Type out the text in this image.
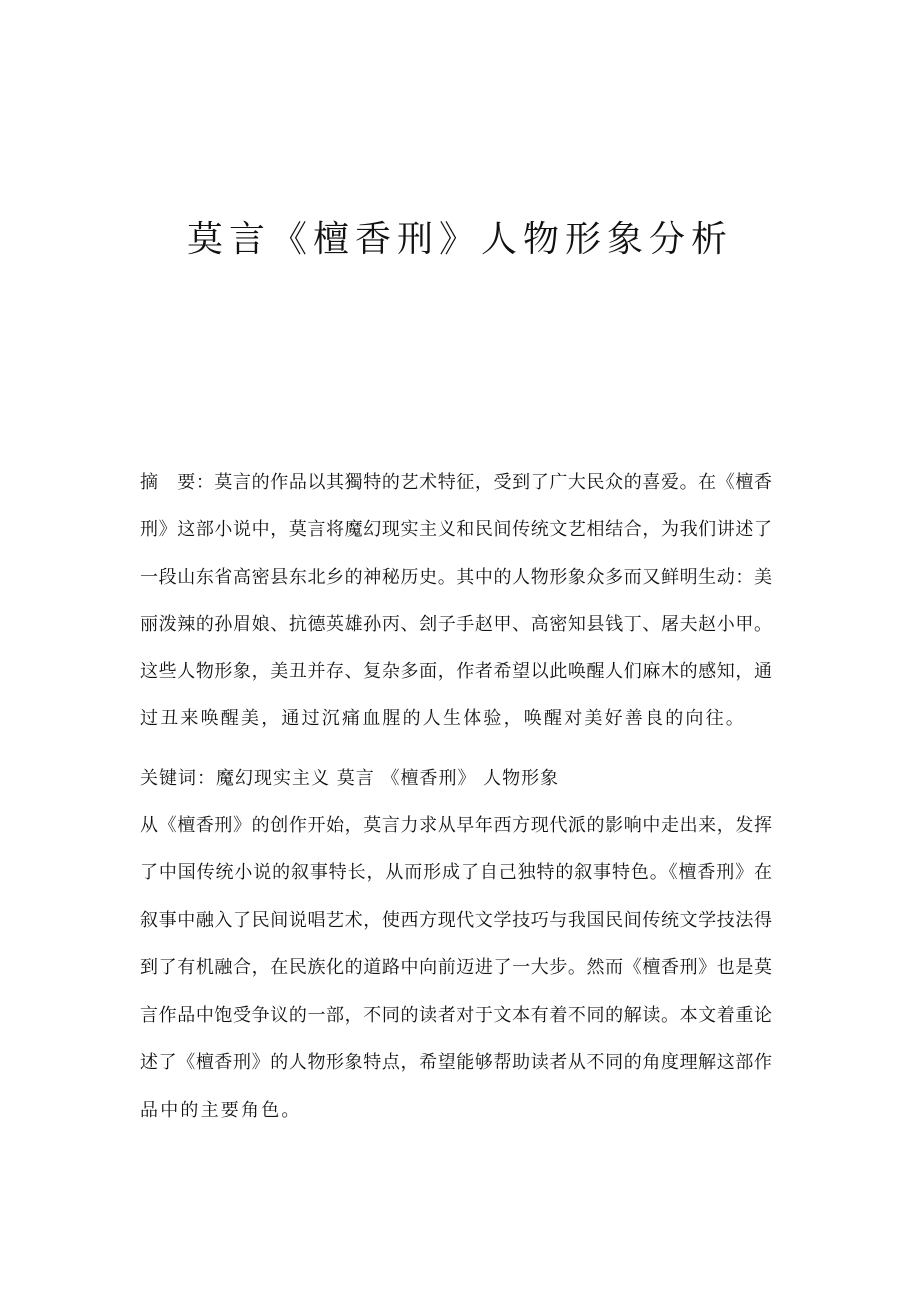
莫言《檀香刑》人物形象分析
摘　要：莫言的作品以其獨特的艺术特征，受到了广大民众的喜爱。在《檀香
刑》这部小说中，莫言将魔幻现实主义和民间传统文艺相结合，为我们讲述了
一段山东省高密县东北乡的神秘历史。其中的人物形象众多而又鲜明生动：美
丽泼辣的孙眉娘、抗德英雄孙丙、刽子手赵甲、高密知县钱丁、屠夫赵小甲。
这些人物形象，美丑并存、复杂多面，作者希望以此唤醒人们麻木的感知，通
过丑来唤醒美，通过沉痛血腥的人生体验，唤醒对美好善良的向往。
关键词：魔幻现实主义 莫言 《檀香刑》 人物形象
从《檀香刑》的创作开始，莫言力求从早年西方现代派的影响中走出来，发挥
了中国传统小说的叙事特长，从而形成了自己独特的叙事特色。《檀香刑》在
叙事中融入了民间说唱艺术，使西方现代文学技巧与我国民间传统文学技法得
到了有机融合，在民族化的道路中向前迈进了一大步。然而《檀香刑》也是莫
言作品中饱受争议的一部，不同的读者对于文本有着不同的解读。本文着重论
述了《檀香刑》的人物形象特点，希望能够帮助读者从不同的角度理解这部作
品中的主要角色。
